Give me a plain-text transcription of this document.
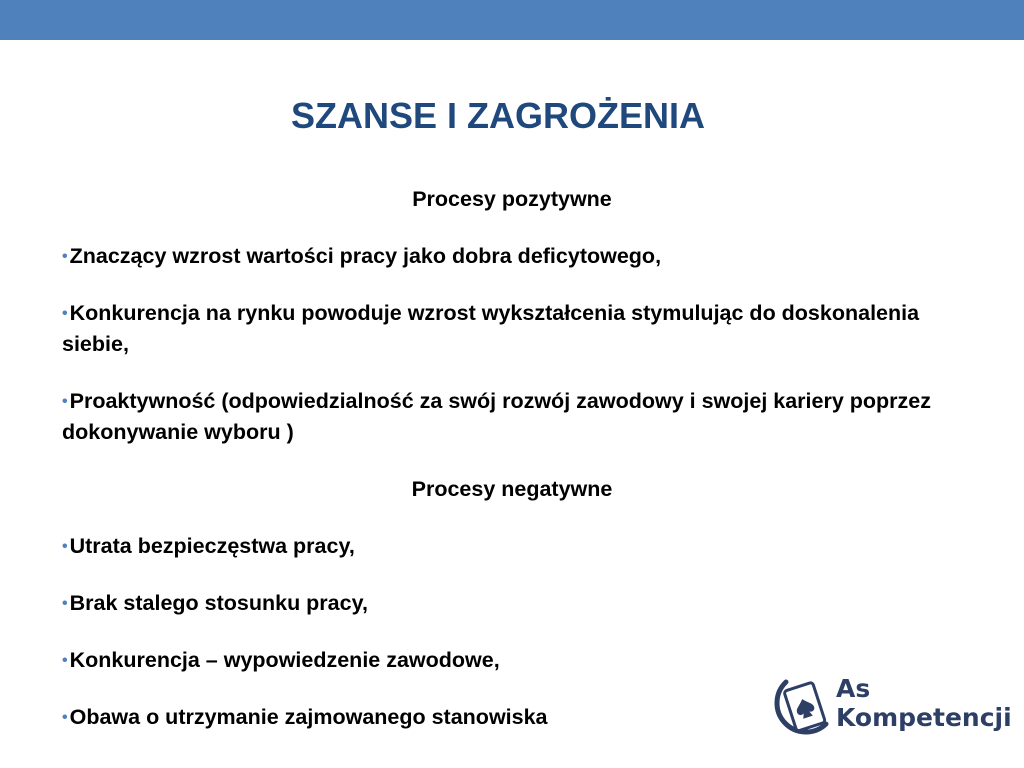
SZANSE I ZAGROŻENIA
Procesy pozytywne
•Znaczący wzrost wartości pracy jako dobra deficytowego,
•Konkurencja na rynku powoduje wzrost wykształcenia stymulując do doskonalenia siebie,
•Proaktywność (odpowiedzialność za swój rozwój zawodowy i swojej kariery poprzez dokonywanie wyboru )
Procesy negatywne
•Utrata bezpieczęstwa pracy,
•Brak stalego stosunku pracy,
•Konkurencja – wypowiedzenie zawodowe,
•Obawa o utrzymanie zajmowanego stanowiska
As
Kompetencji
